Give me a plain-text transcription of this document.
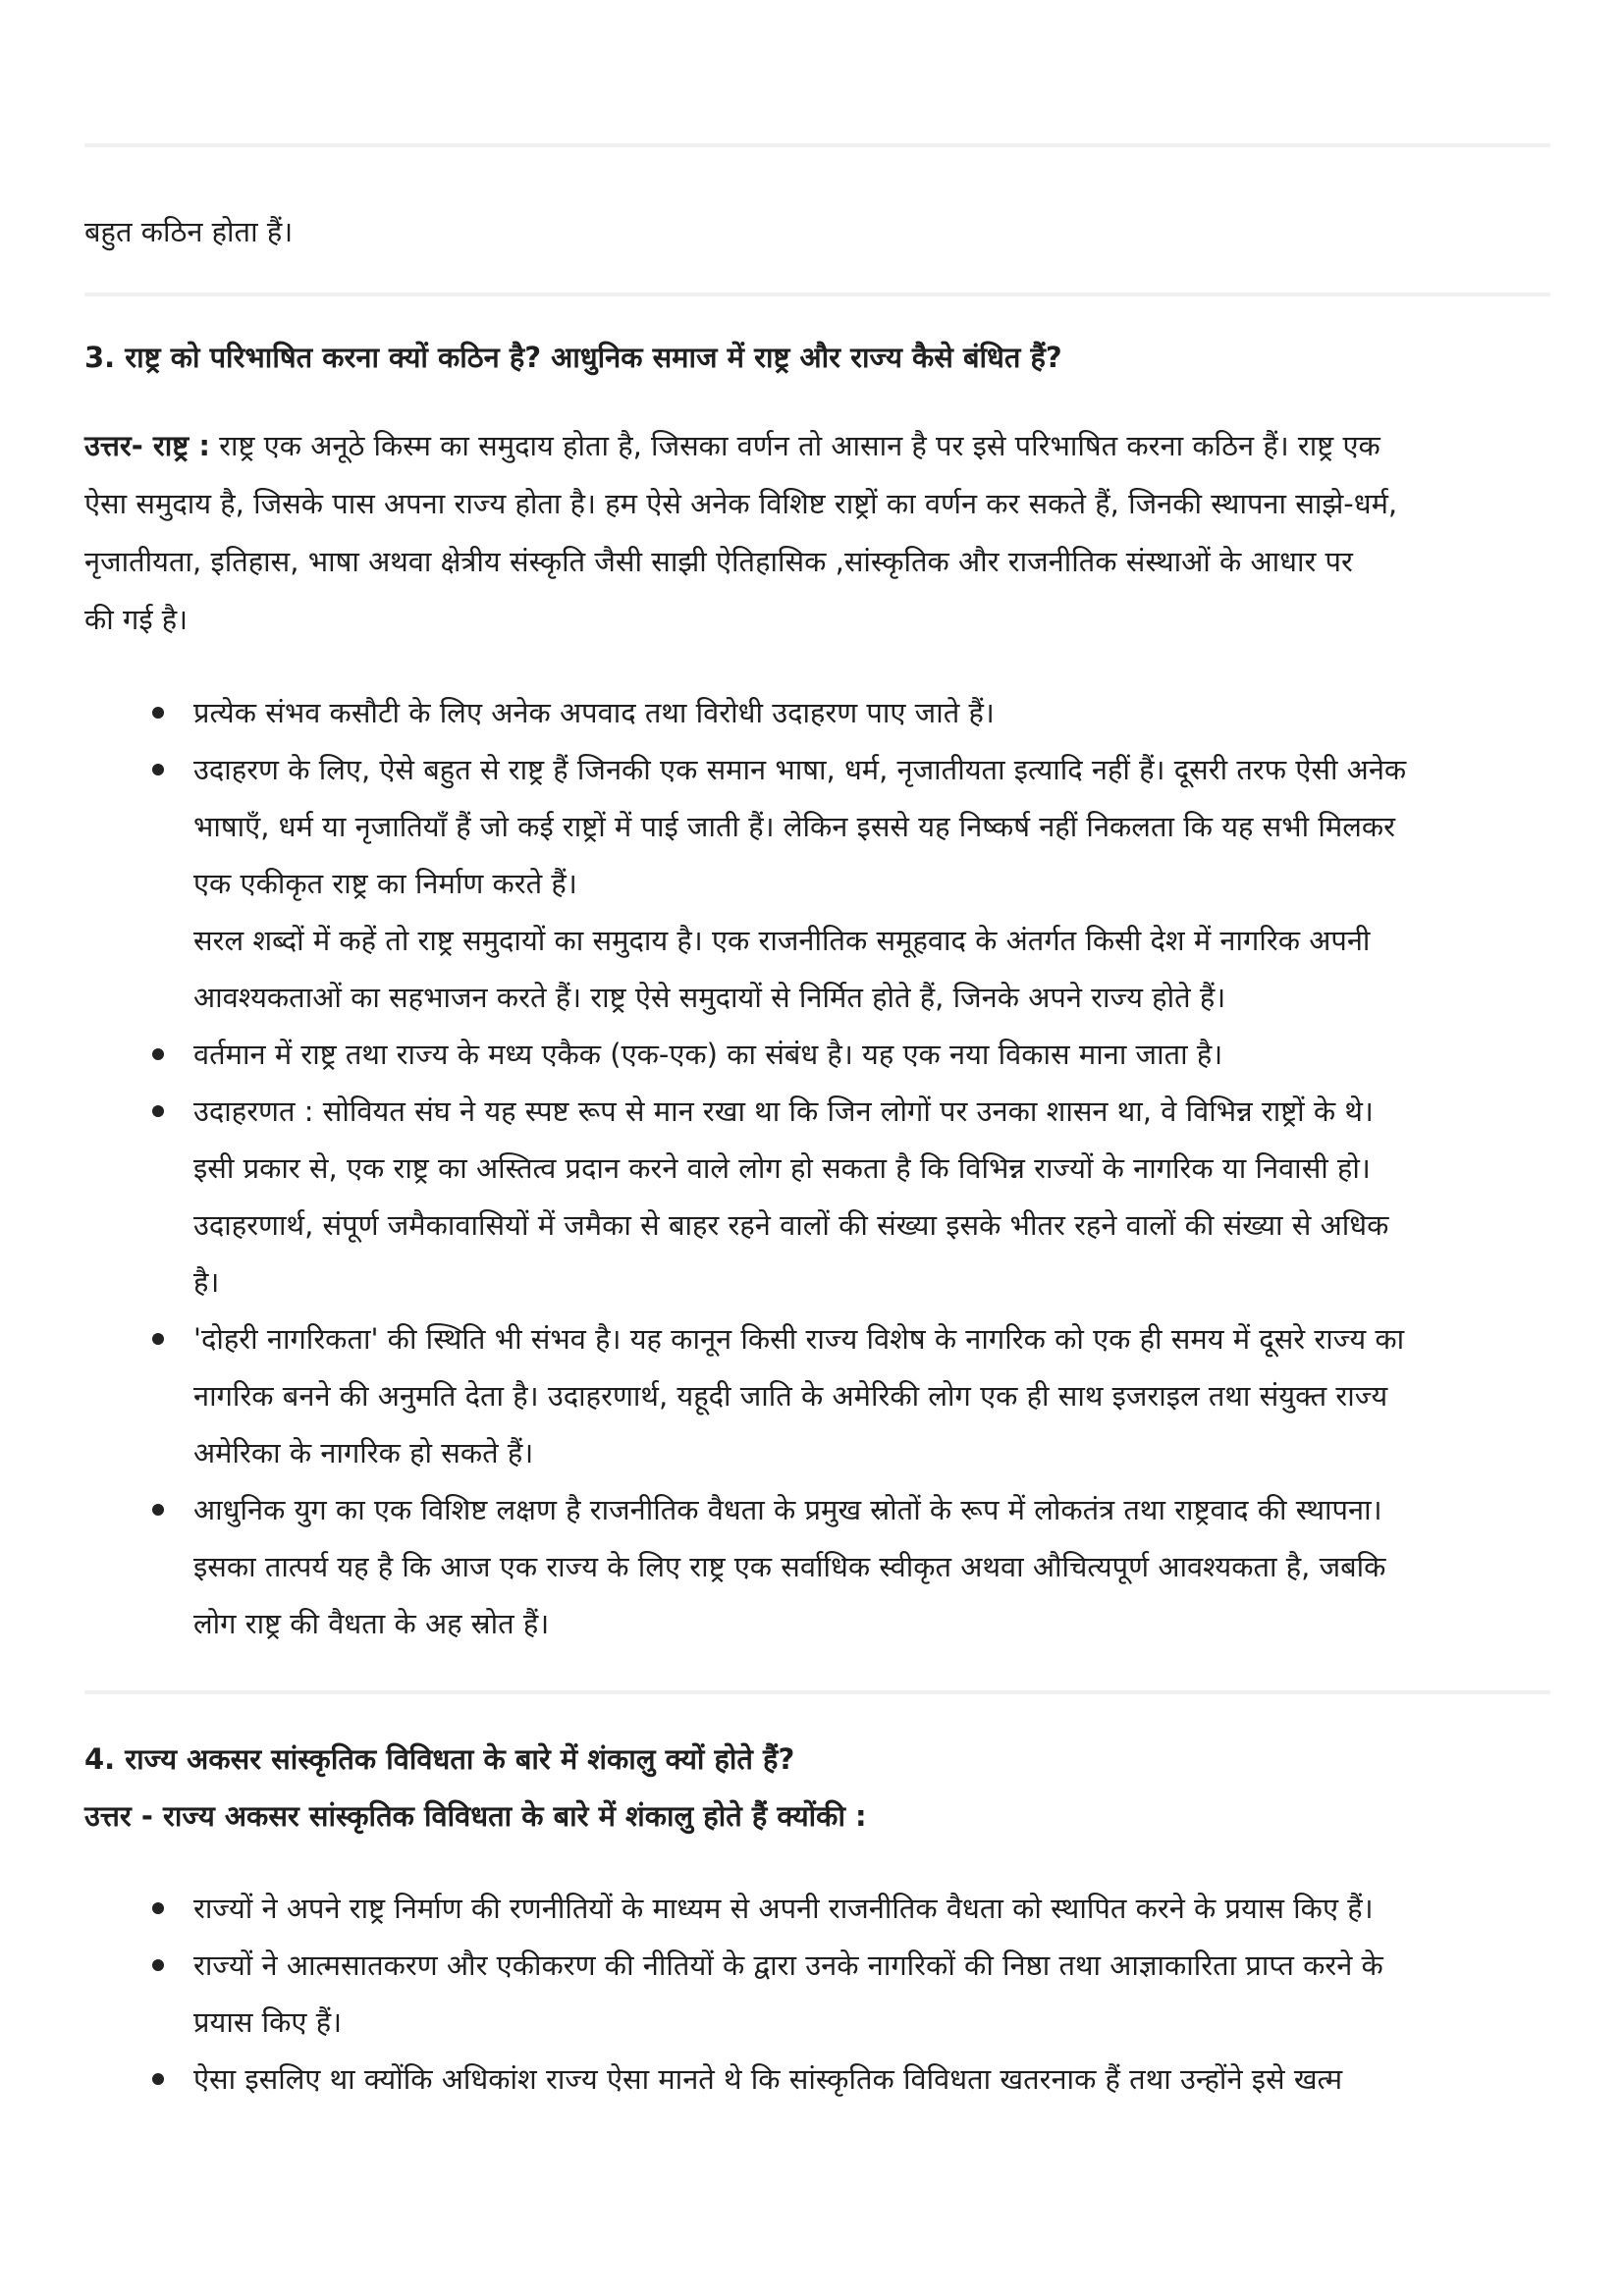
बहुत कठिन होता हैं।
3. राष्ट्र को परिभाषित करना क्यों कठिन है? आधुनिक समाज में राष्ट्र और राज्य कैसे बंधित हैं?
उत्तर- राष्ट्र : राष्ट्र एक अनूठे किस्म का समुदाय होता है, जिसका वर्णन तो आसान है पर इसे परिभाषित करना कठिन हैं। राष्ट्र एक
ऐसा समुदाय है, जिसके पास अपना राज्य होता है। हम ऐसे अनेक विशिष्ट राष्ट्रों का वर्णन कर सकते हैं, जिनकी स्थापना साझे-धर्म,
नृजातीयता, इतिहास, भाषा अथवा क्षेत्रीय संस्कृति जैसी साझी ऐतिहासिक ,सांस्कृतिक और राजनीतिक संस्थाओं के आधार पर
की गई है।
प्रत्येक संभव कसौटी के लिए अनेक अपवाद तथा विरोधी उदाहरण पाए जाते हैं।
उदाहरण के लिए, ऐसे बहुत से राष्ट्र हैं जिनकी एक समान भाषा, धर्म, नृजातीयता इत्यादि नहीं हैं। दूसरी तरफ ऐसी अनेक
भाषाएँ, धर्म या नृजातियाँ हैं जो कई राष्ट्रों में पाई जाती हैं। लेकिन इससे यह निष्कर्ष नहीं निकलता कि यह सभी मिलकर
एक एकीकृत राष्ट्र का निर्माण करते हैं।
सरल शब्दों में कहें तो राष्ट्र समुदायों का समुदाय है। एक राजनीतिक समूहवाद के अंतर्गत किसी देश में नागरिक अपनी
आवश्यकताओं का सहभाजन करते हैं। राष्ट्र ऐसे समुदायों से निर्मित होते हैं, जिनके अपने राज्य होते हैं।
वर्तमान में राष्ट्र तथा राज्य के मध्य एकैक (एक-एक) का संबंध है। यह एक नया विकास माना जाता है।
उदाहरणत : सोवियत संघ ने यह स्पष्ट रूप से मान रखा था कि जिन लोगों पर उनका शासन था, वे विभिन्न राष्ट्रों के थे।
इसी प्रकार से, एक राष्ट्र का अस्तित्व प्रदान करने वाले लोग हो सकता है कि विभिन्न राज्यों के नागरिक या निवासी हो।
उदाहरणार्थ, संपूर्ण जमैकावासियों में जमैका से बाहर रहने वालों की संख्या इसके भीतर रहने वालों की संख्या से अधिक
है।
'दोहरी नागरिकता' की स्थिति भी संभव है। यह कानून किसी राज्य विशेष के नागरिक को एक ही समय में दूसरे राज्य का
नागरिक बनने की अनुमति देता है। उदाहरणार्थ, यहूदी जाति के अमेरिकी लोग एक ही साथ इजराइल तथा संयुक्त राज्य
अमेरिका के नागरिक हो सकते हैं।
आधुनिक युग का एक विशिष्ट लक्षण है राजनीतिक वैधता के प्रमुख स्रोतों के रूप में लोकतंत्र तथा राष्ट्रवाद की स्थापना।
इसका तात्पर्य यह है कि आज एक राज्य के लिए राष्ट्र एक सर्वाधिक स्वीकृत अथवा औचित्यपूर्ण आवश्यकता है, जबकि
लोग राष्ट्र की वैधता के अह स्रोत हैं।
4. राज्य अकसर सांस्कृतिक विविधता के बारे में शंकालु क्यों होते हैं?
उत्तर - राज्य अकसर सांस्कृतिक विविधता के बारे में शंकालु होते हैं क्योंकी :
राज्यों ने अपने राष्ट्र निर्माण की रणनीतियों के माध्यम से अपनी राजनीतिक वैधता को स्थापित करने के प्रयास किए हैं।
राज्यों ने आत्मसातकरण और एकीकरण की नीतियों के द्वारा उनके नागरिकों की निष्ठा तथा आज्ञाकारिता प्राप्त करने के
प्रयास किए हैं।
ऐसा इसलिए था क्योंकि अधिकांश राज्य ऐसा मानते थे कि सांस्कृतिक विविधता खतरनाक हैं तथा उन्होंने इसे खत्म
